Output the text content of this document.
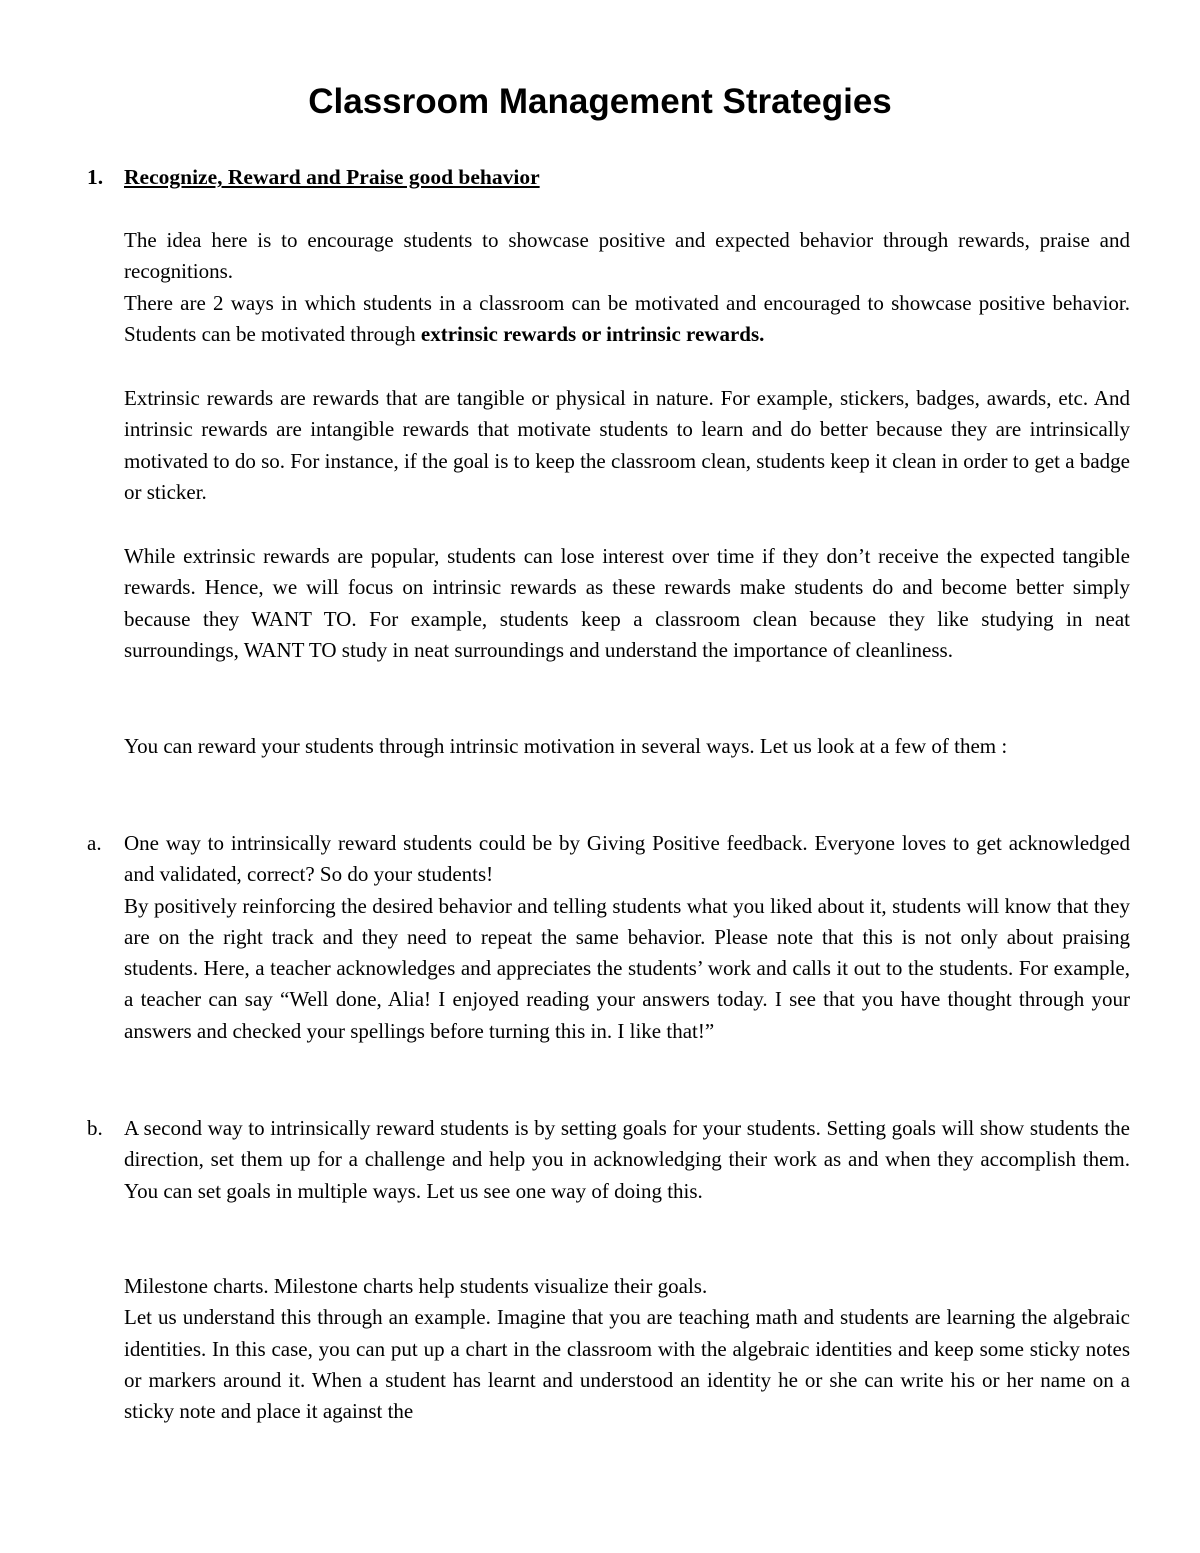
Classroom Management Strategies
1. Recognize, Reward and Praise good behavior

The idea here is to encourage students to showcase positive and expected behavior through rewards, praise and recognitions.

There are 2 ways in which students in a classroom can be motivated and encouraged to showcase positive behavior. Students can be motivated through extrinsic rewards or intrinsic rewards.

Extrinsic rewards are rewards that are tangible or physical in nature. For example, stickers, badges, awards, etc. And intrinsic rewards are intangible rewards that motivate students to learn and do better because they are intrinsically motivated to do so. For instance, if the goal is to keep the classroom clean, students keep it clean in order to get a badge or sticker.

While extrinsic rewards are popular, students can lose interest over time if they don’t receive the expected tangible rewards. Hence, we will focus on intrinsic rewards as these rewards make students do and become better simply because they WANT TO. For example, students keep a classroom clean because they like studying in neat surroundings, WANT TO study in neat surroundings and understand the importance of cleanliness.

You can reward your students through intrinsic motivation in several ways. Let us look at a few of them :

a.	One way to intrinsically reward students could be by Giving Positive feedback. Everyone loves to get acknowledged and validated, correct? So do your students!

By positively reinforcing the desired behavior and telling students what you liked about it, students will know that they are on the right track and they need to repeat the same behavior. Please note that this is not only about praising students. Here, a teacher acknowledges and appreciates the students’ work and calls it out to the students. For example, a teacher can say “Well done, Alia! I enjoyed reading your answers today. I see that you have thought through your answers and checked your spellings before turning this in. I like that!”

b.	A second way to intrinsically reward students is by setting goals for your students. Setting goals will show students the direction, set them up for a challenge and help you in acknowledging their work as and when they accomplish them. You can set goals in multiple ways. Let us see one way of doing this.

Milestone charts. Milestone charts help students visualize their goals.

Let us understand this through an example. Imagine that you are teaching math and students are learning the algebraic identities. In this case, you can put up a chart in the classroom with the algebraic identities and keep some sticky notes or markers around it. When a student has learnt and understood an identity he or she can write his or her name on a sticky note and place it against the
